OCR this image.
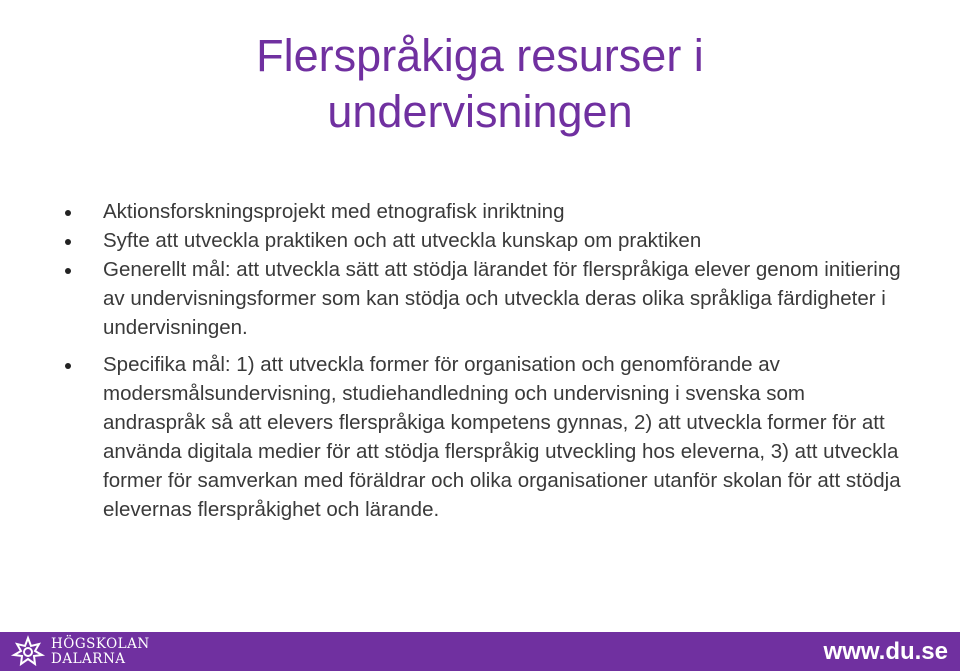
Flerspråkiga resurser i
undervisningen
Aktionsforskningsprojekt med etnografisk inriktning
Syfte att utveckla praktiken och att utveckla kunskap om praktiken
Generellt mål: att utveckla sätt att stödja lärandet för flerspråkiga elever genom initiering av undervisningsformer som kan stödja och utveckla deras olika språkliga färdigheter i undervisningen.
Specifika mål: 1) att utveckla former för organisation och genomförande av modersmålsundervisning, studiehandledning och undervisning i svenska som andraspråk så att elevers flerspråkiga kompetens gynnas, 2) att utveckla former för att använda digitala medier för att stödja flerspråkig utveckling hos eleverna, 3) att utveckla former för samverkan med föräldrar och olika organisationer utanför skolan för att stödja elevernas flerspråkighet och lärande.
HÖGSKOLAN
DALARNA	www.du.se
